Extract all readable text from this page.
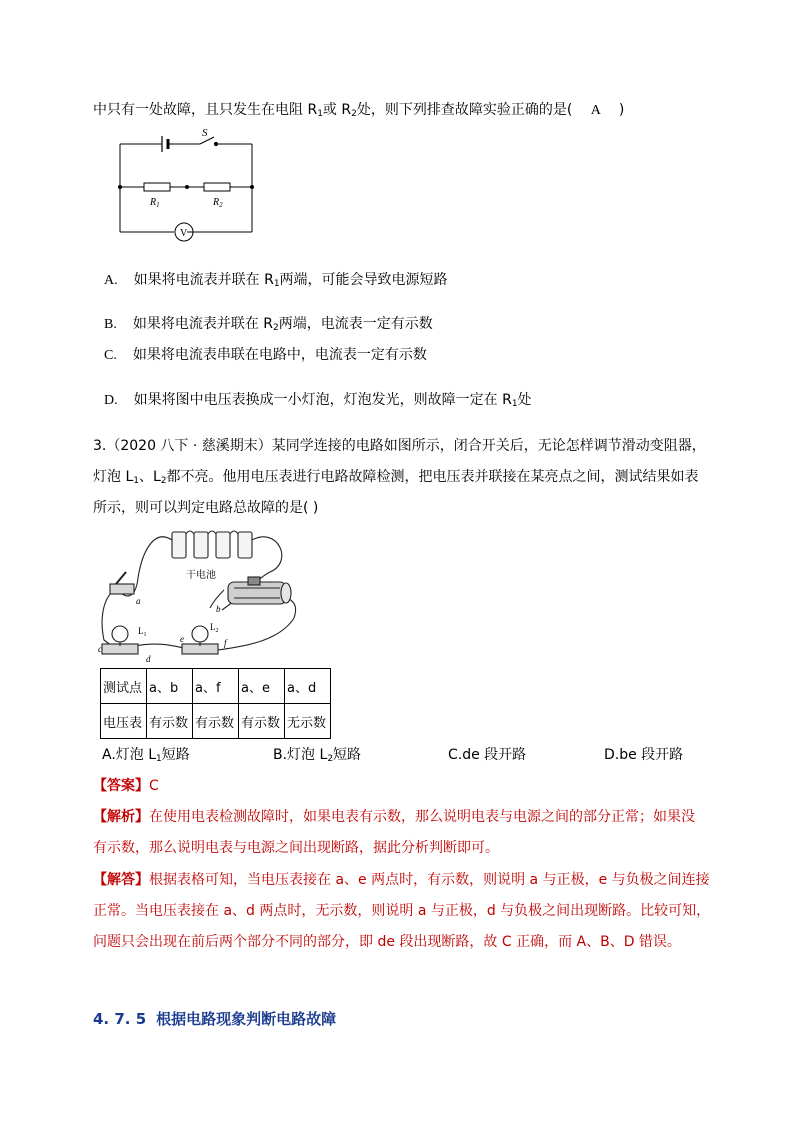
中只有一处故障，且只发生在电阻 $R_1$或 $R_2$处，则下列排查故障实验正确的是( A )
S
$R_1$	$R_2$
V
A. 如果将电流表并联在 $R_1$两端，可能会导致电源短路
B. 如果将电流表并联在 $R_2$两端，电流表一定有示数
C. 如果将电流表串联在电路中，电流表一定有示数
D. 如果将图中电压表换成一小灯泡，灯泡发光，则故障一定在 $R_1$处
3.（2020 八下 · 慈溪期末）某同学连接的电路如图所示，闭合开关后，无论怎样调节滑动变阻器，
灯泡 $L_1$、$L_2$都不亮。他用电压表进行电路故障检测，把电压表并联接在某亮点之间，测试结果如表
所示，则可以判定电路总故障的是( )
干电池
a
b
c
d
e	f
$L_1$
$L_2$
测试点	a、b	a、f	a、e	a、d
电压表	有示数	有示数	有示数	无示数
A.灯泡 $L_1$短路	B.灯泡 $L_2$短路	C.de 段开路	D.be 段开路
【答案】C
【解析】在使用电表检测故障时，如果电表有示数，那么说明电表与电源之间的部分正常；如果没
有示数，那么说明电表与电源之间出现断路，据此分析判断即可。
【解答】根据表格可知，当电压表接在 a、e 两点时，有示数，则说明 a 与正极，e 与负极之间连接
正常。当电压表接在 a、d 两点时，无示数，则说明 a 与正极，d 与负极之间出现断路。比较可知，
问题只会出现在前后两个部分不同的部分，即 de 段出现断路，故 C 正确，而 A、B、D 错误。
4. 7. 5 根据电路现象判断电路故障
